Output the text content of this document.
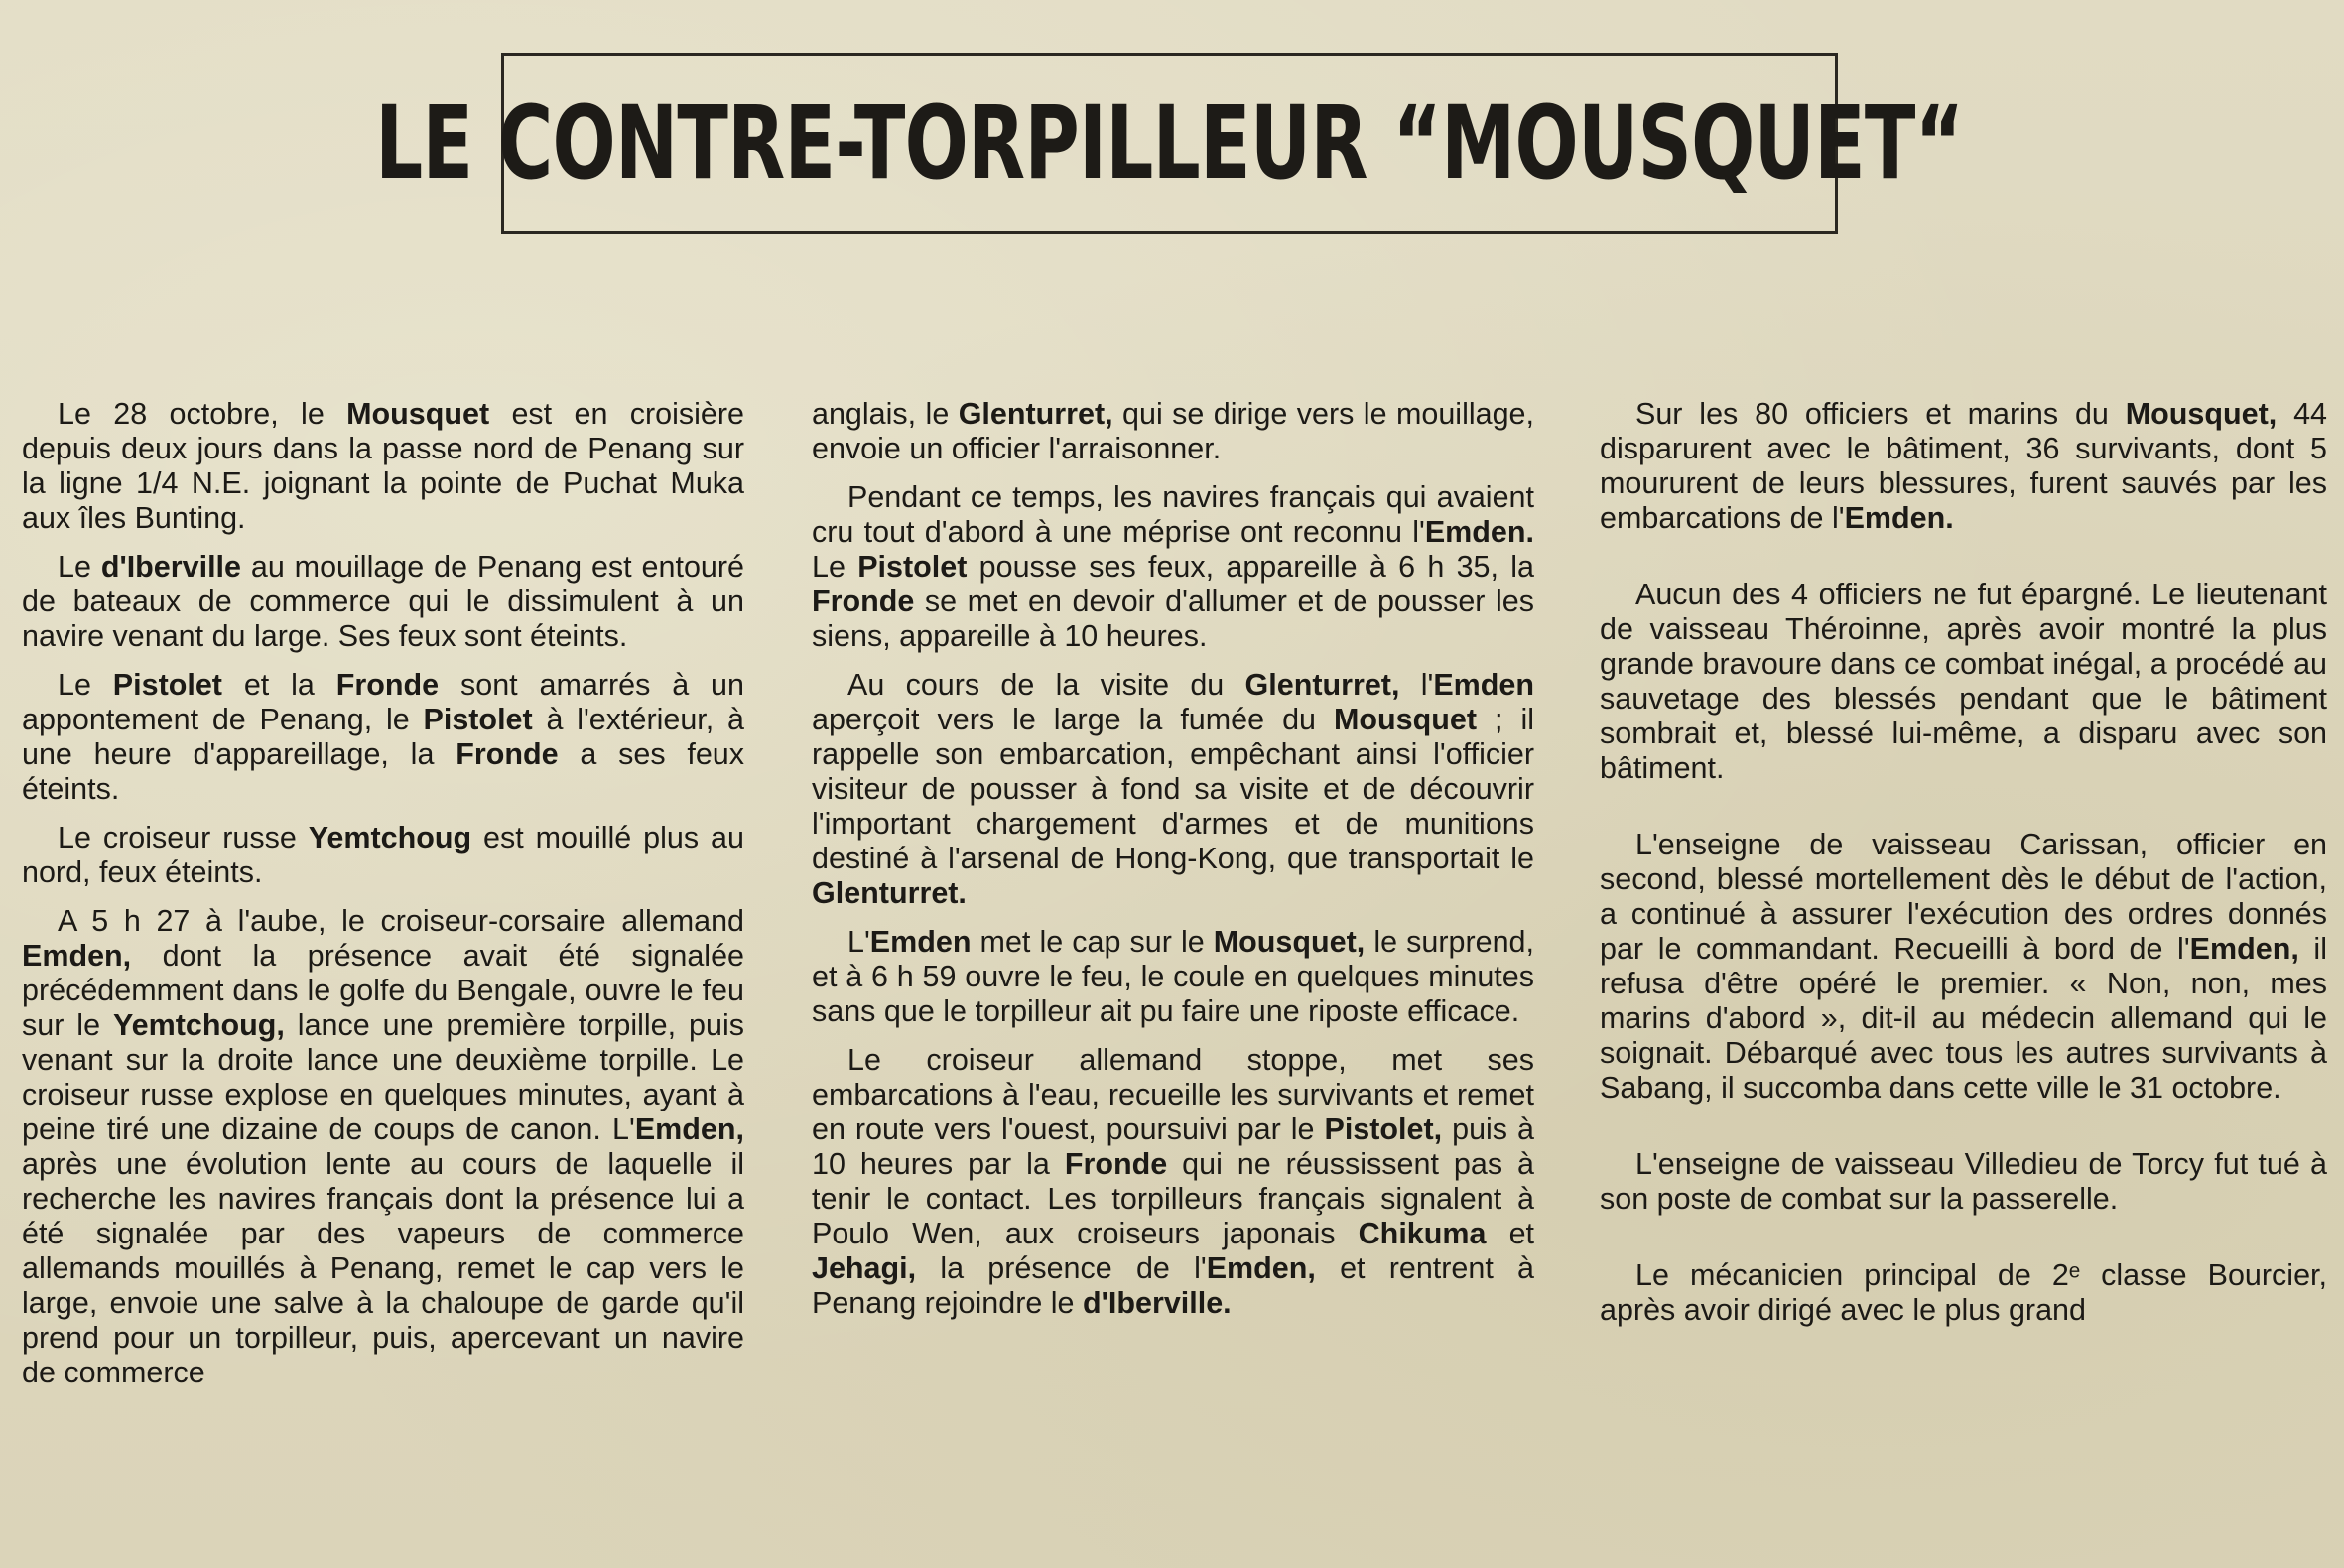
LE CONTRE-TORPILLEUR “MOUSQUET“

Le 28 octobre, le Mousquet est en croisière depuis deux jours dans la passe nord de Penang sur la ligne 1/4 N.E. joignant la pointe de Puchat Muka aux îles Bunting.

Le d'Iberville au mouillage de Penang est entouré de bateaux de commerce qui le dissimulent à un navire venant du large. Ses feux sont éteints.

Le Pistolet et la Fronde sont amarrés à un appontement de Penang, le Pistolet à l'extérieur, à une heure d'appareillage, la Fronde a ses feux éteints.

Le croiseur russe Yemtchoug est mouillé plus au nord, feux éteints.

A 5 h 27 à l'aube, le croiseur-corsaire allemand Emden, dont la présence avait été signalée précédemment dans le golfe du Bengale, ouvre le feu sur le Yemtchoug, lance une première torpille, puis venant sur la droite lance une deuxième torpille. Le croiseur russe explose en quelques minutes, ayant à peine tiré une dizaine de coups de canon. L'Emden, après une évolution lente au cours de laquelle il recherche les navires français dont la présence lui a été signalée par des vapeurs de commerce allemands mouillés à Penang, remet le cap vers le large, envoie une salve à la chaloupe de garde qu'il prend pour un torpilleur, puis, apercevant un navire de commerce

anglais, le Glenturret, qui se dirige vers le mouillage, envoie un officier l'arraisonner.

Pendant ce temps, les navires français qui avaient cru tout d'abord à une méprise ont reconnu l'Emden. Le Pistolet pousse ses feux, appareille à 6 h 35, la Fronde se met en devoir d'allumer et de pousser les siens, appareille à 10 heures.

Au cours de la visite du Glenturret, l'Emden aperçoit vers le large la fumée du Mousquet ; il rappelle son embarcation, empêchant ainsi l'officier visiteur de pousser à fond sa visite et de découvrir l'important chargement d'armes et de munitions destiné à l'arsenal de Hong-Kong, que transportait le Glenturret.

L'Emden met le cap sur le Mousquet, le surprend, et à 6 h 59 ouvre le feu, le coule en quelques minutes sans que le torpilleur ait pu faire une riposte efficace.

Le croiseur allemand stoppe, met ses embarcations à l'eau, recueille les survivants et remet en route vers l'ouest, poursuivi par le Pistolet, puis à 10 heures par la Fronde qui ne réussissent pas à tenir le contact. Les torpilleurs français signalent à Poulo Wen, aux croiseurs japonais Chikuma et Jehagi, la présence de l'Emden, et rentrent à Penang rejoindre le d'Iberville.

Sur les 80 officiers et marins du Mousquet, 44 disparurent avec le bâtiment, 36 survivants, dont 5 moururent de leurs blessures, furent sauvés par les embarcations de l'Emden.

Aucun des 4 officiers ne fut épargné. Le lieutenant de vaisseau Théroinne, après avoir montré la plus grande bravoure dans ce combat inégal, a procédé au sauvetage des blessés pendant que le bâtiment sombrait et, blessé lui-même, a disparu avec son bâtiment.

L'enseigne de vaisseau Carissan, officier en second, blessé mortellement dès le début de l'action, a continué à assurer l'exécution des ordres donnés par le commandant. Recueilli à bord de l'Emden, il refusa d'être opéré le premier. « Non, non, mes marins d'abord », dit-il au médecin allemand qui le soignait. Débarqué avec tous les autres survivants à Sabang, il succomba dans cette ville le 31 octobre.

L'enseigne de vaisseau Villedieu de Torcy fut tué à son poste de combat sur la passerelle.

Le mécanicien principal de 2ᵉ classe Bourcier, après avoir dirigé avec le plus grand
